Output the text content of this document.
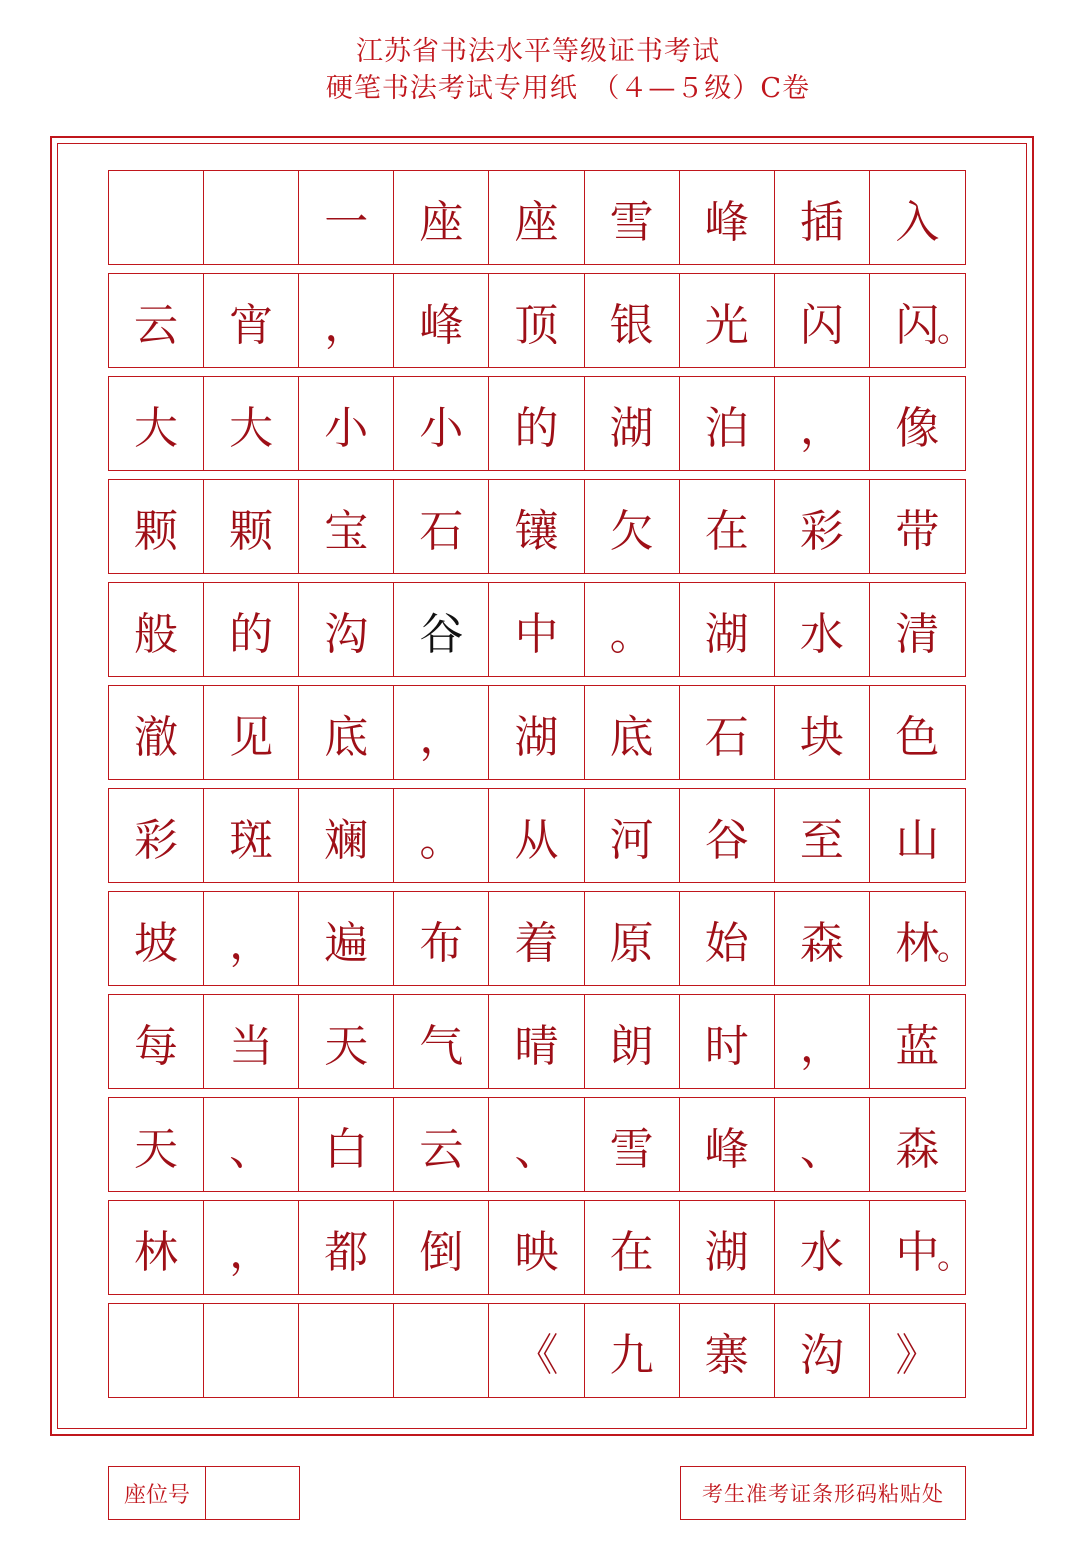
江苏省书法水平等级证书考试
硬笔书法考试专用纸　（４—５级）C卷
一 座 座 雪 峰 插 入
云 宵 ， 峰 顶 银 光 闪 闪
。
大 大 小 小 的 湖 泊 ， 像
颗 颗 宝 石 镶 欠 在 彩 带
般 的 沟 谷 中 。 湖 水 清
澈 见 底 ， 湖 底 石 块 色
彩 斑 斓 。 从 河 谷 至 山
坡 ， 遍 布 着 原 始 森 林
。
每 当 天 气 晴 朗 时 ， 蓝
天 、 白 云 、 雪 峰 、 森
林 ， 都 倒 映 在 湖 水 中
。
《 九 寨 沟 》
座位号	考生准考证条形码粘贴处
